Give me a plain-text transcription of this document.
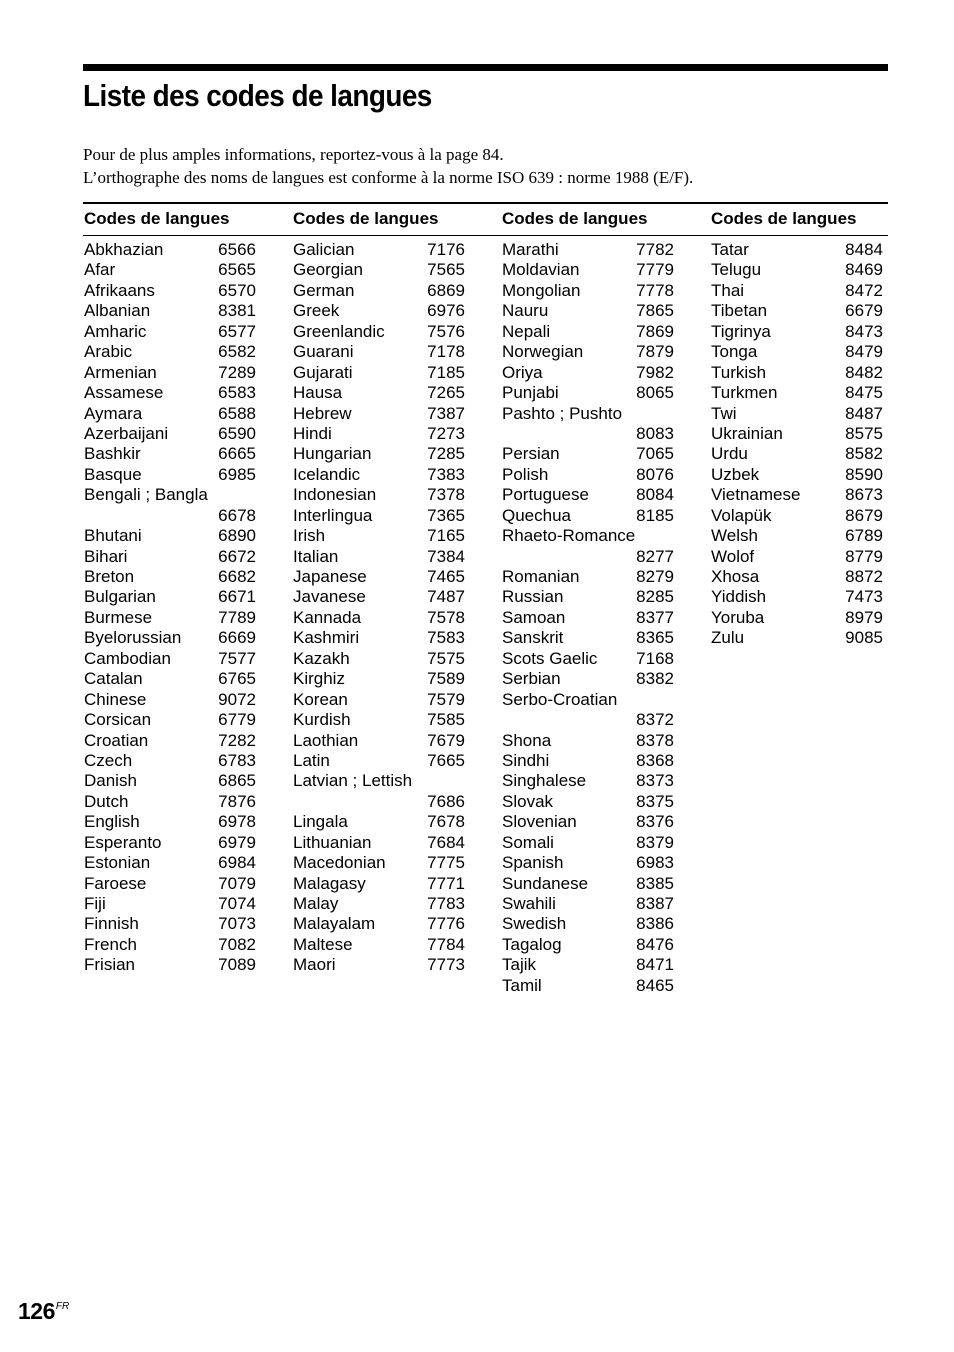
Liste des codes de langues

Pour de plus amples informations, reportez-vous à la page 84.

L’orthographe des noms de langues est conforme à la norme ISO 639 : norme 1988 (E/F).

Codes de langues	Codes de langues	Codes de langues	Codes de langues
Abkhazian	6566
Afar	6565
Afrikaans	6570
Albanian	8381
Amharic	6577
Arabic	6582
Armenian	7289
Assamese	6583
Aymara	6588
Azerbaijani	6590
Bashkir	6665
Basque	6985
Bengali ; Bangla
6678
Bhutani	6890
Bihari	6672
Breton	6682
Bulgarian	6671
Burmese	7789
Byelorussian 6669
Cambodian	7577
Catalan	6765
Chinese	9072
Corsican	6779
Croatian	7282
Czech	6783
Danish	6865
Dutch	7876
English	6978
Esperanto	6979
Estonian	6984
Faroese	7079
Fiji	7074
Finnish	7073
French	7082
Frisian	7089
Galician	7176
Georgian	7565
German	6869
Greek	6976
Greenlandic	7576
Guarani	7178
Gujarati	7185
Hausa	7265
Hebrew	7387
Hindi	7273
Hungarian	7285
Icelandic	7383
Indonesian	7378
Interlingua	7365
Irish	7165
Italian	7384
Japanese	7465
Javanese	7487
Kannada	7578
Kashmiri	7583
Kazakh	7575
Kirghiz	7589
Korean	7579
Kurdish	7585
Laothian	7679
Latin	7665
Latvian ; Lettish
7686
Lingala	7678
Lithuanian	7684
Macedonian 7775
Malagasy	7771
Malay	7783
Malayalam	7776
Maltese	7784
Maori	7773
Marathi	7782
Moldavian	7779
Mongolian	7778
Nauru	7865
Nepali	7869
Norwegian	7879
Oriya	7982
Punjabi	8065
Pashto ; Pushto
8083
Persian	7065
Polish	8076
Portuguese	8084
Quechua	8185
Rhaeto-Romance
8277
Romanian	8279
Russian	8285
Samoan	8377
Sanskrit	8365
Scots Gaelic 7168
Serbian	8382
Serbo-Croatian
8372
Shona	8378
Sindhi	8368
Singhalese	8373
Slovak	8375
Slovenian	8376
Somali	8379
Spanish	6983
Sundanese	8385
Swahili	8387
Swedish	8386
Tagalog	8476
Tajik	8471
Tamil	8465
Tatar	8484
Telugu	8469
Thai	8472
Tibetan	6679
Tigrinya	8473
Tonga	8479
Turkish	8482
Turkmen	8475
Twi	8487
Ukrainian	8575
Urdu	8582
Uzbek	8590
Vietnamese	8673
Volapük	8679
Welsh	6789
Wolof	8779
Xhosa	8872
Yiddish	7473
Yoruba	8979
Zulu	9085
$126^{FR}$
